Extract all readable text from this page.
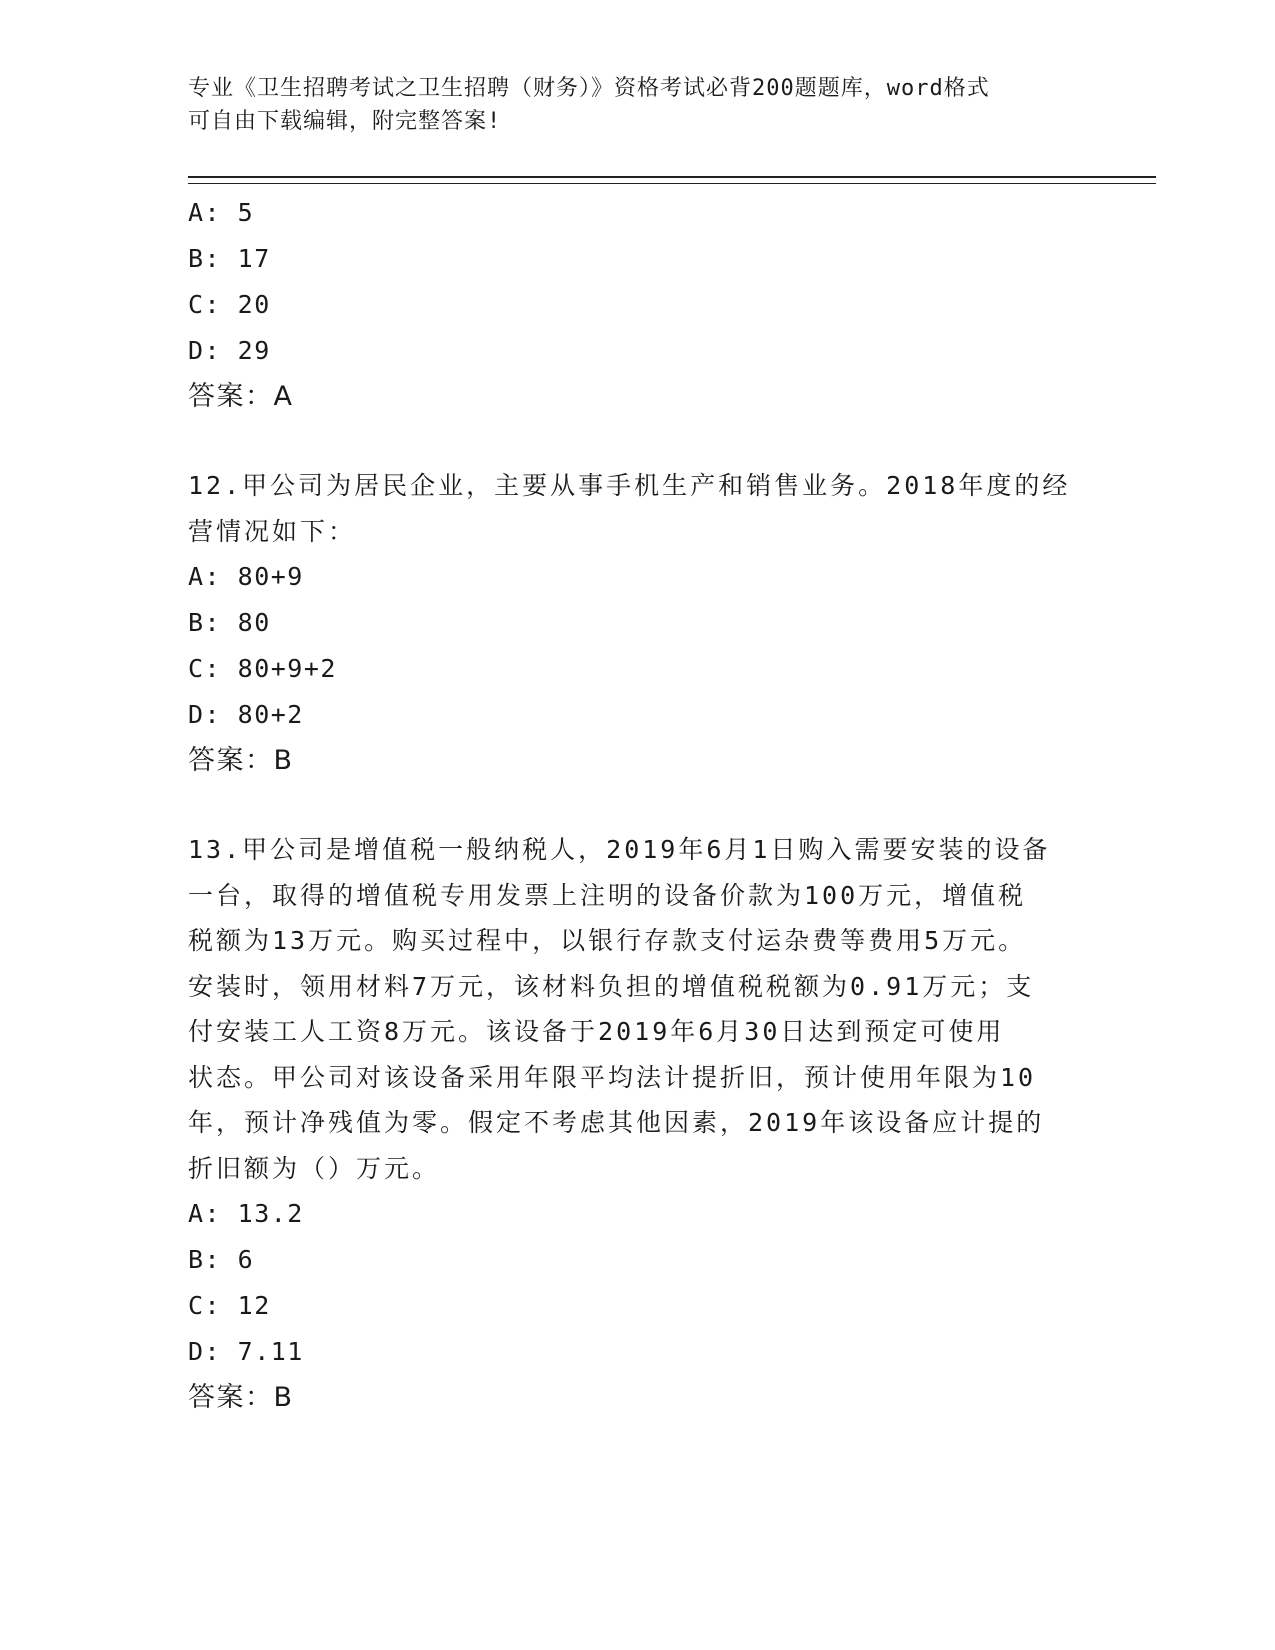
专业《卫生招聘考试之卫生招聘（财务）》资格考试必背200题题库，word格式
可自由下载编辑，附完整答案!
A: 5
B: 17
C: 20
D: 29
答案：A
12.甲公司为居民企业，主要从事手机生产和销售业务。2018年度的经
营情况如下：
A: 80+9
B: 80
C: 80+9+2
D: 80+2
答案：B
13.甲公司是增值税一般纳税人，2019年6月1日购入需要安装的设备
一台，取得的增值税专用发票上注明的设备价款为100万元，增值税
税额为13万元。购买过程中，以银行存款支付运杂费等费用5万元。
安装时，领用材料7万元，该材料负担的增值税税额为0.91万元；支
付安装工人工资8万元。该设备于2019年6月30日达到预定可使用
状态。甲公司对该设备采用年限平均法计提折旧，预计使用年限为10
年，预计净残值为零。假定不考虑其他因素，2019年该设备应计提的
折旧额为（）万元。
A: 13.2
B: 6
C: 12
D: 7.11
答案：B
